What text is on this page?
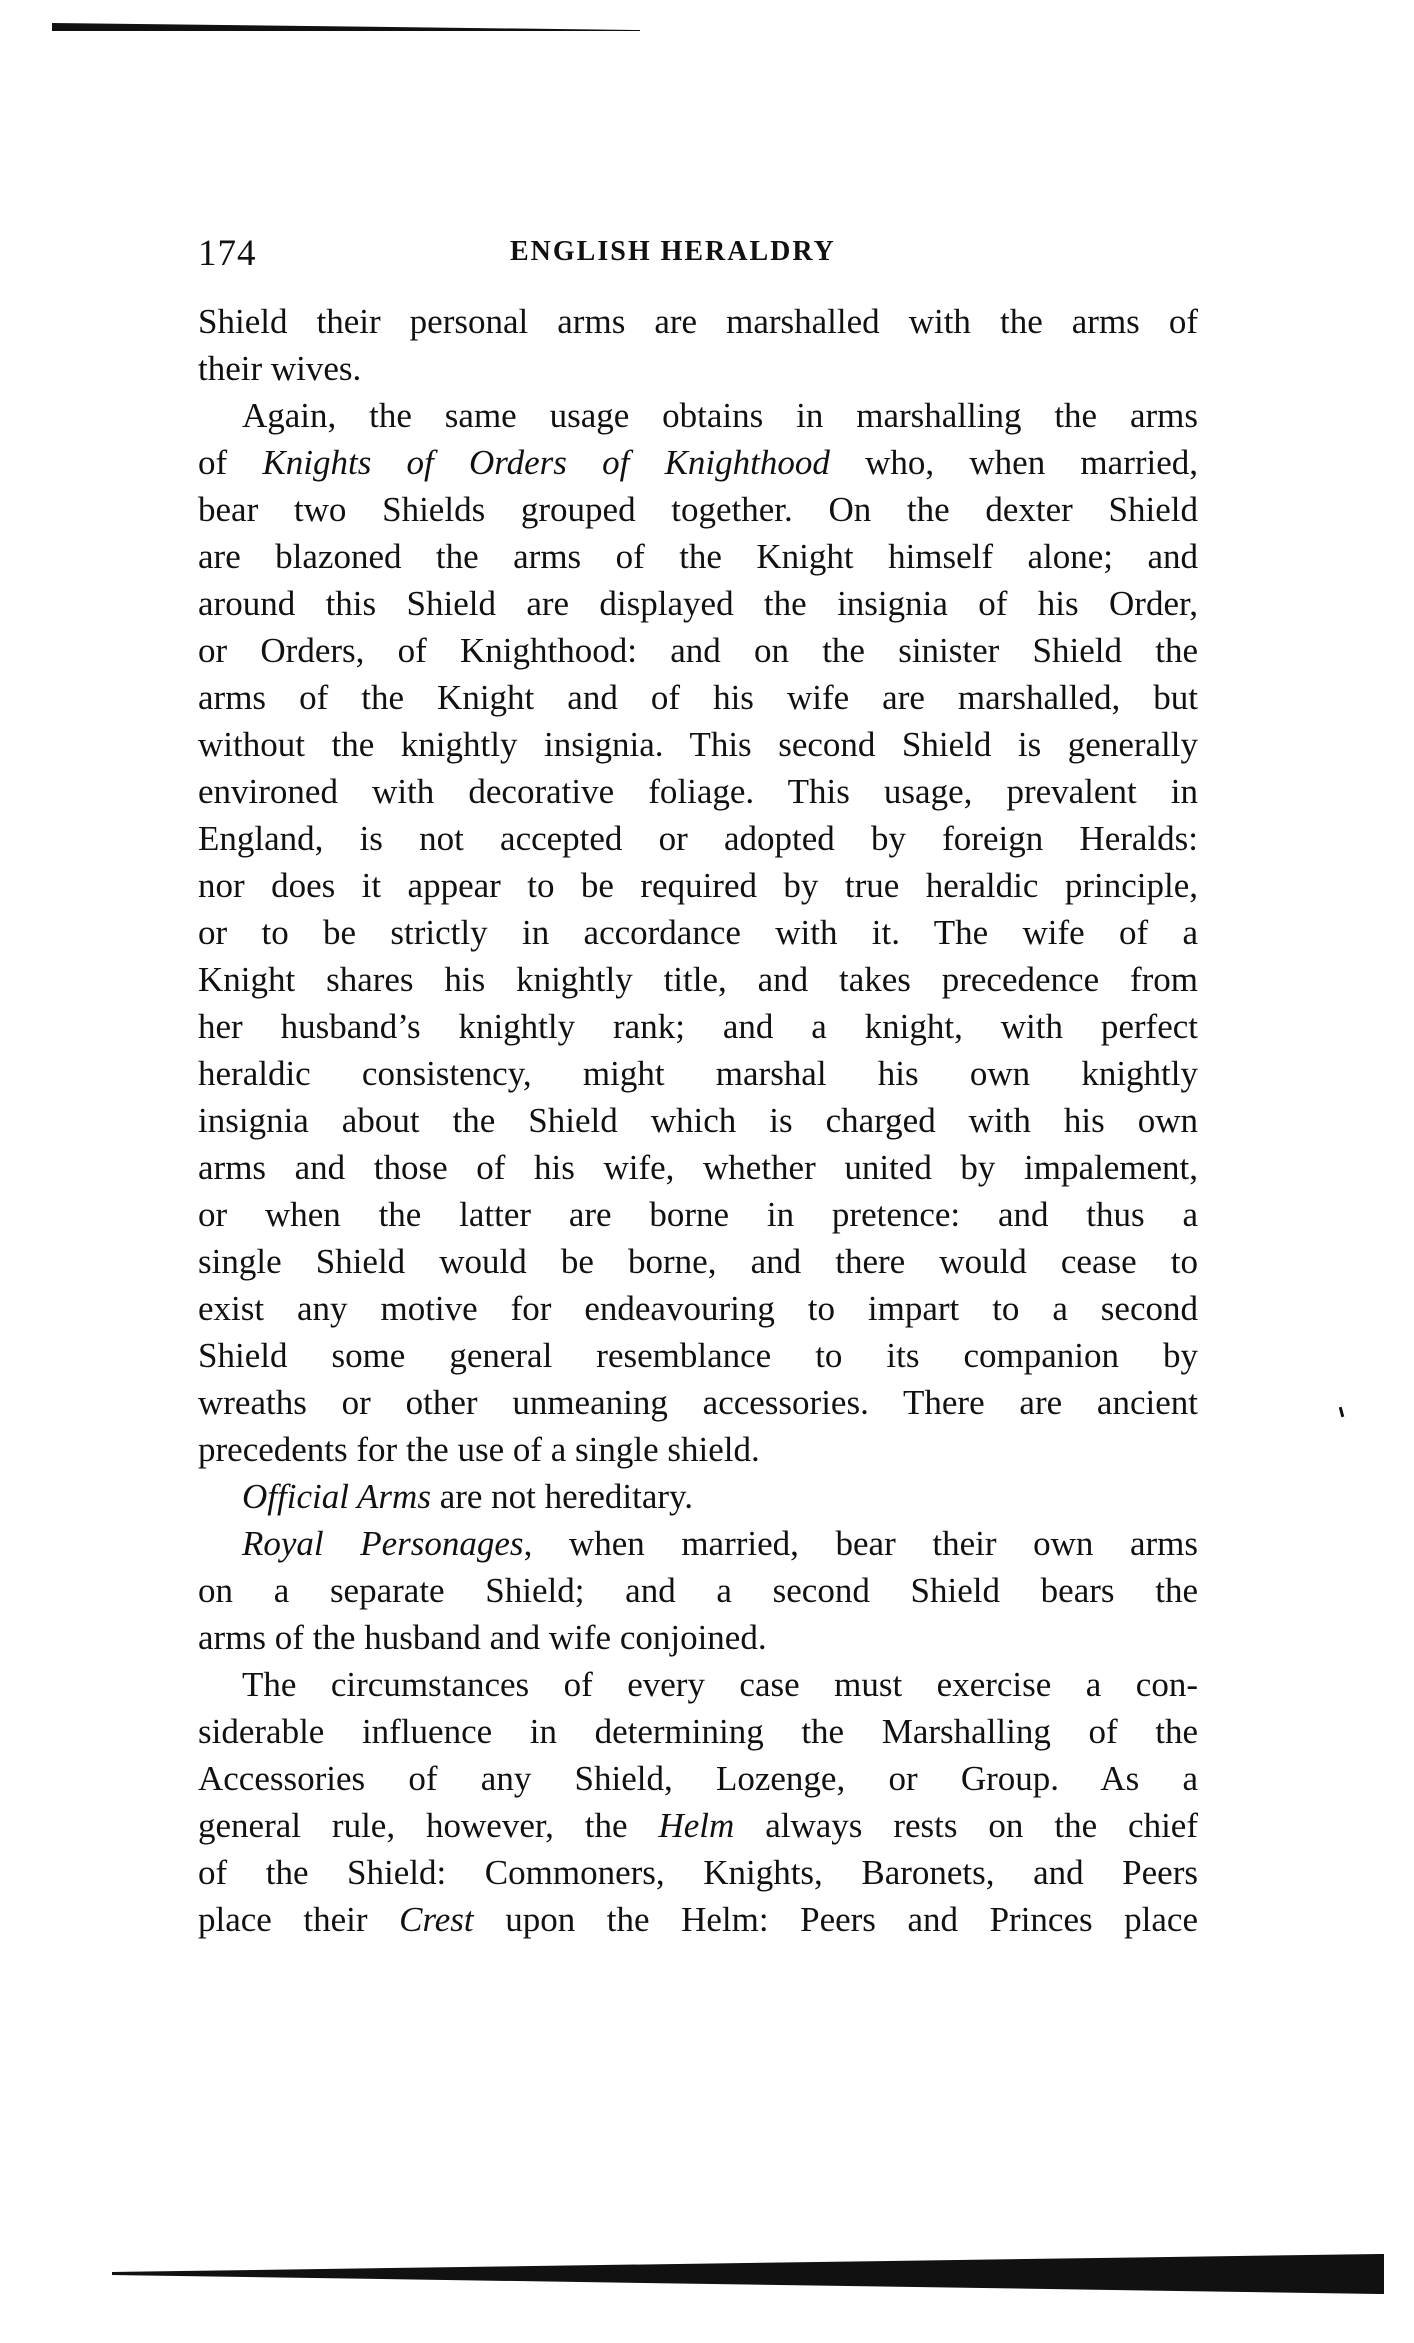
174	ENGLISH HERALDRY
Shield their personal arms are marshalled with the arms of
their wives.
Again, the same usage obtains in marshalling the arms
of Knights of Orders of Knighthood who, when married,
bear two Shields grouped together. On the dexter Shield
are blazoned the arms of the Knight himself alone; and
around this Shield are displayed the insignia of his Order,
or Orders, of Knighthood: and on the sinister Shield the
arms of the Knight and of his wife are marshalled, but
without the knightly insignia. This second Shield is generally
environed with decorative foliage. This usage, prevalent in
England, is not accepted or adopted by foreign Heralds:
nor does it appear to be required by true heraldic principle,
or to be strictly in accordance with it. The wife of a
Knight shares his knightly title, and takes precedence from
her husband’s knightly rank; and a knight, with perfect
heraldic consistency, might marshal his own knightly
insignia about the Shield which is charged with his own
arms and those of his wife, whether united by impalement,
or when the latter are borne in pretence: and thus a
single Shield would be borne, and there would cease to
exist any motive for endeavouring to impart to a second
Shield some general resemblance to its companion by
wreaths or other unmeaning accessories. There are ancient
precedents for the use of a single shield.
Official Arms are not hereditary.
Royal Personages, when married, bear their own arms
on a separate Shield; and a second Shield bears the
arms of the husband and wife conjoined.
The circumstances of every case must exercise a con-
siderable influence in determining the Marshalling of the
Accessories of any Shield, Lozenge, or Group. As a
general rule, however, the Helm always rests on the chief
of the Shield: Commoners, Knights, Baronets, and Peers
place their Crest upon the Helm: Peers and Princes place
